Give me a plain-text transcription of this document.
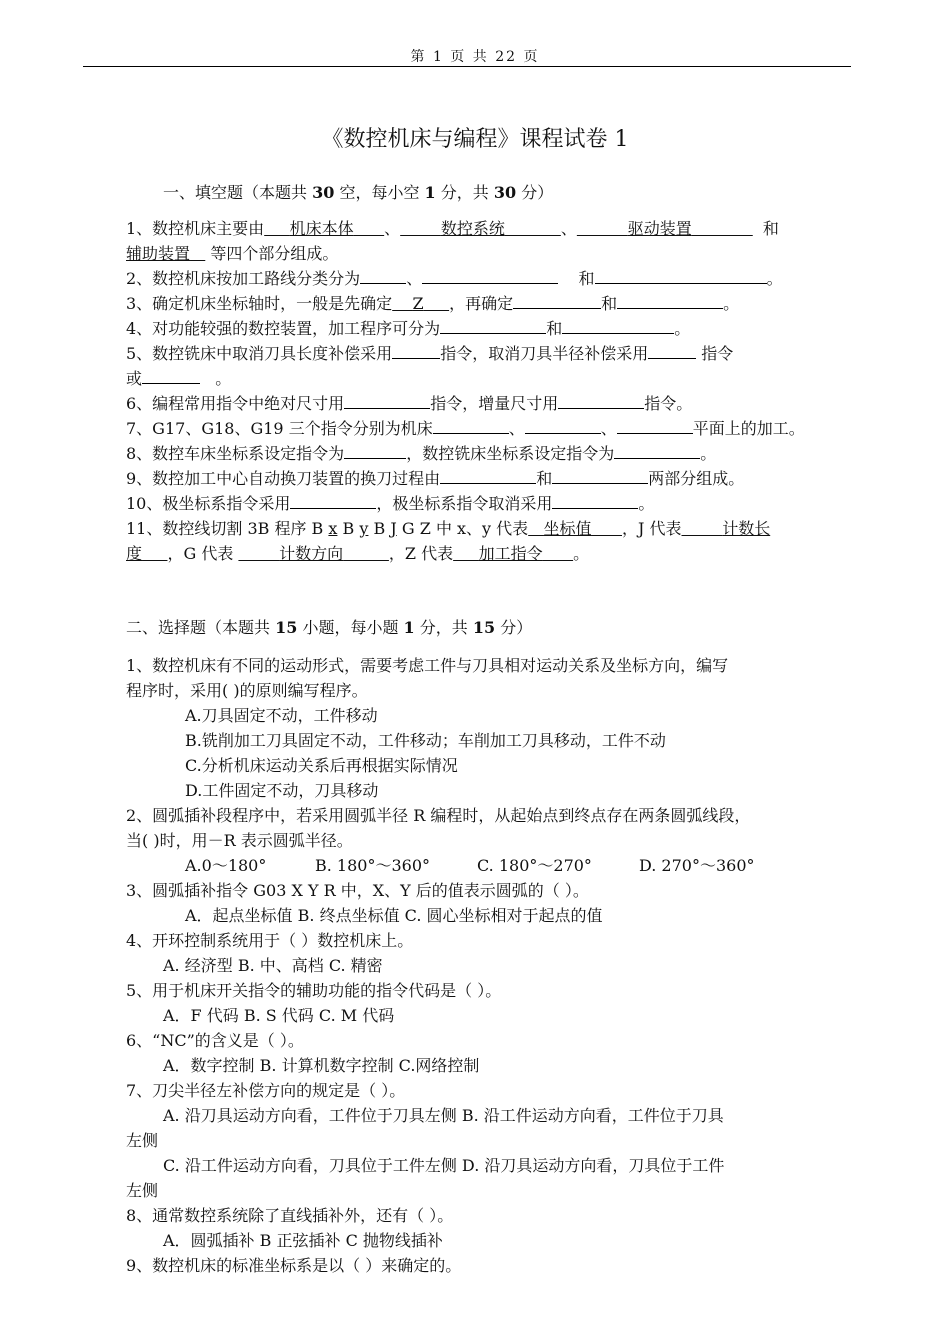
第 1 页 共 22 页
《数控机床与编程》课程试卷 1
一、填空题（本题共 30 空，每小空 1 分，共 30 分）
1、数控机床主要由 机床本体 、	数控系统	、	驱动装置	和
辅助装置 等四个部分组成。
2、数控机床按加工路线分类分为	、	和	。
3、确定机床坐标轴时，一般是先确定 Z ，再确定	和	。
4、对功能较强的数控装置，加工程序可分为	和	。
5、数控铣床中取消刀具长度补偿采用	指令，取消刀具半径补偿采用	指令
或	。
6、编程常用指令中绝对尺寸用	指令，增量尺寸用	指令。
7、G17、G18、G19 三个指令分别为机床	、	、	平面上的加工。
8、数控车床坐标系设定指令为	，数控铣床坐标系设定指令为	。
9、数控加工中心自动换刀装置的换刀过程由	和	两部分组成。
10、极坐标系指令采用	，极坐标系指令取消采用	。
11、数控线切割 3B 程序 B x B y B J G Z 中 x、y 代表 坐标值 ，J 代表	计数长
度 ，G 代表	计数方向	，Z 代表 加工指令 。
二、选择题（本题共 15 小题，每小题 1 分，共 15 分）
1、数控机床有不同的运动形式，需要考虑工件与刀具相对运动关系及坐标方向，编写
程序时，采用( )的原则编写程序。
A.刀具固定不动，工件移动
B.铣削加工刀具固定不动，工件移动；车削加工刀具移动，工件不动
C.分析机床运动关系后再根据实际情况
D.工件固定不动，刀具移动
2、圆弧插补段程序中，若采用圆弧半径 R 编程时，从起始点到终点存在两条圆弧线段，
当( )时，用－R 表示圆弧半径。
A.0～180°	B. 180°～360°	C. 180°～270°	D. 270°～360°
3、圆弧插补指令 G03 X Y R 中，X、Y 后的值表示圆弧的（ ）。
A．起点坐标值 B. 终点坐标值 C. 圆心坐标相对于起点的值
4、开环控制系统用于（ ）数控机床上。
A. 经济型 B. 中、高档 C. 精密
5、用于机床开关指令的辅助功能的指令代码是（ ）。
A．F 代码 B. S 代码 C. M 代码
6、“NC”的含义是（ ）。
A．数字控制 B. 计算机数字控制 C.网络控制
7、刀尖半径左补偿方向的规定是（ ）。
A. 沿刀具运动方向看，工件位于刀具左侧 B. 沿工件运动方向看，工件位于刀具
左侧
C. 沿工件运动方向看，刀具位于工件左侧 D. 沿刀具运动方向看，刀具位于工件
左侧
8、通常数控系统除了直线插补外，还有（ ）。
A．圆弧插补 B 正弦插补 C 抛物线插补
9、数控机床的标准坐标系是以（ ）来确定的。
